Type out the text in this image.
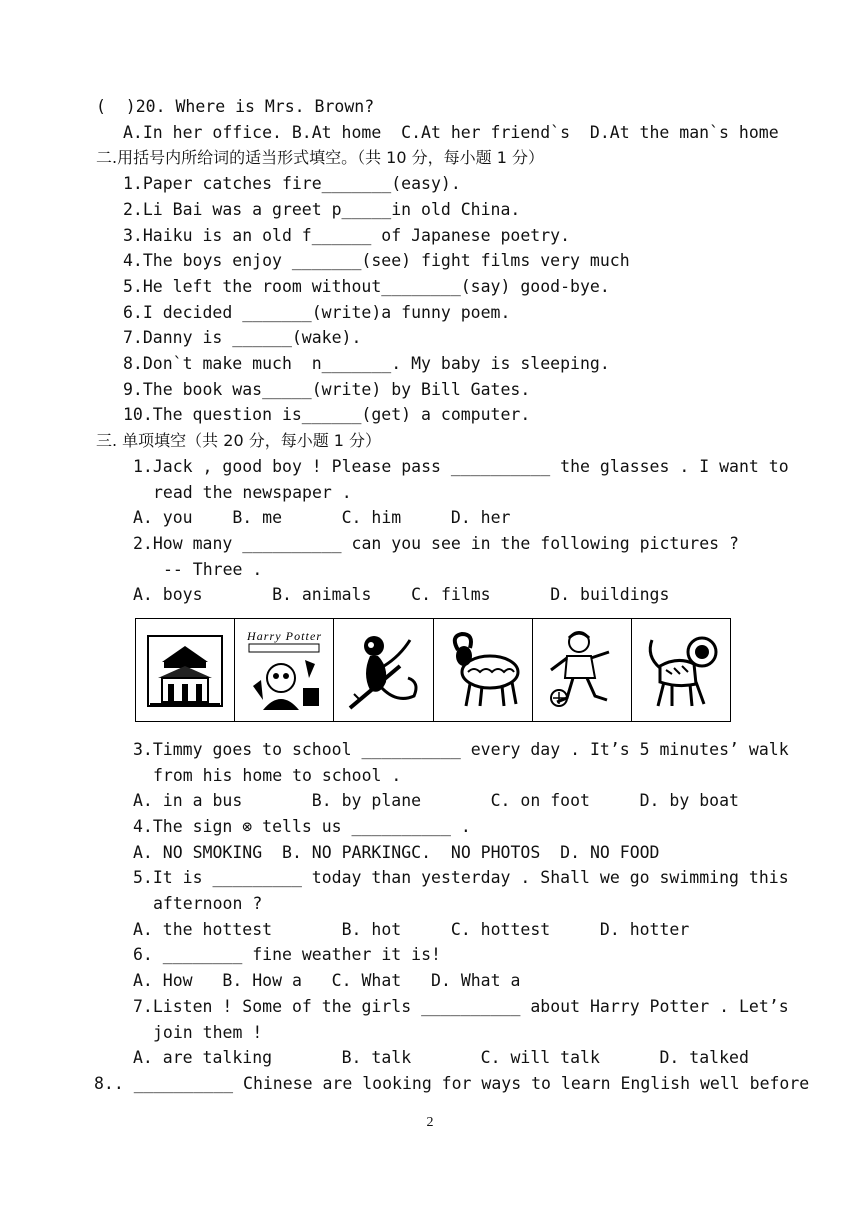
(  )20. Where is Mrs. Brown?
A.In her office. B.At home  C.At her friend`s  D.At the man`s home
二.用括号内所给词的适当形式填空。（共 10 分，每小题 1 分）
1.Paper catches fire_______(easy).
2.Li Bai was a greet p_____in old China.
3.Haiku is an old f______ of Japanese poetry.
4.The boys enjoy _______(see) fight films very much
5.He left the room without________(say) good-bye.
6.I decided _______(write)a funny poem.
7.Danny is ______(wake).
8.Don`t make much  n_______. My baby is sleeping.
9.The book was_____(write) by Bill Gates.
10.The question is______(get) a computer.
三. 单项填空（共 20 分，每小题 1 分）
1.Jack , good boy ! Please pass __________ the glasses . I want to
read the newspaper .
A. you    B. me      C. him     D. her
2.How many __________ can you see in the following pictures ?
-- Three .
A. boys       B. animals    C. films      D. buildings
Harry Potter
3.Timmy goes to school __________ every day . It’s 5 minutes’ walk
from his home to school .
A. in a bus       B. by plane       C. on foot     D. by boat
4.The sign ⊗ tells us __________ .
A. NO SMOKING  B. NO PARKINGC.  NO PHOTOS  D. NO FOOD
5.It is _________ today than yesterday . Shall we go swimming this
afternoon ?
A. the hottest       B. hot     C. hottest     D. hotter
6. ________ fine weather it is!
A. How   B. How a   C. What   D. What a
7.Listen ! Some of the girls __________ about Harry Potter . Let’s
join them !
A. are talking       B. talk       C. will talk      D. talked
8.. __________ Chinese are looking for ways to learn English well before
2
